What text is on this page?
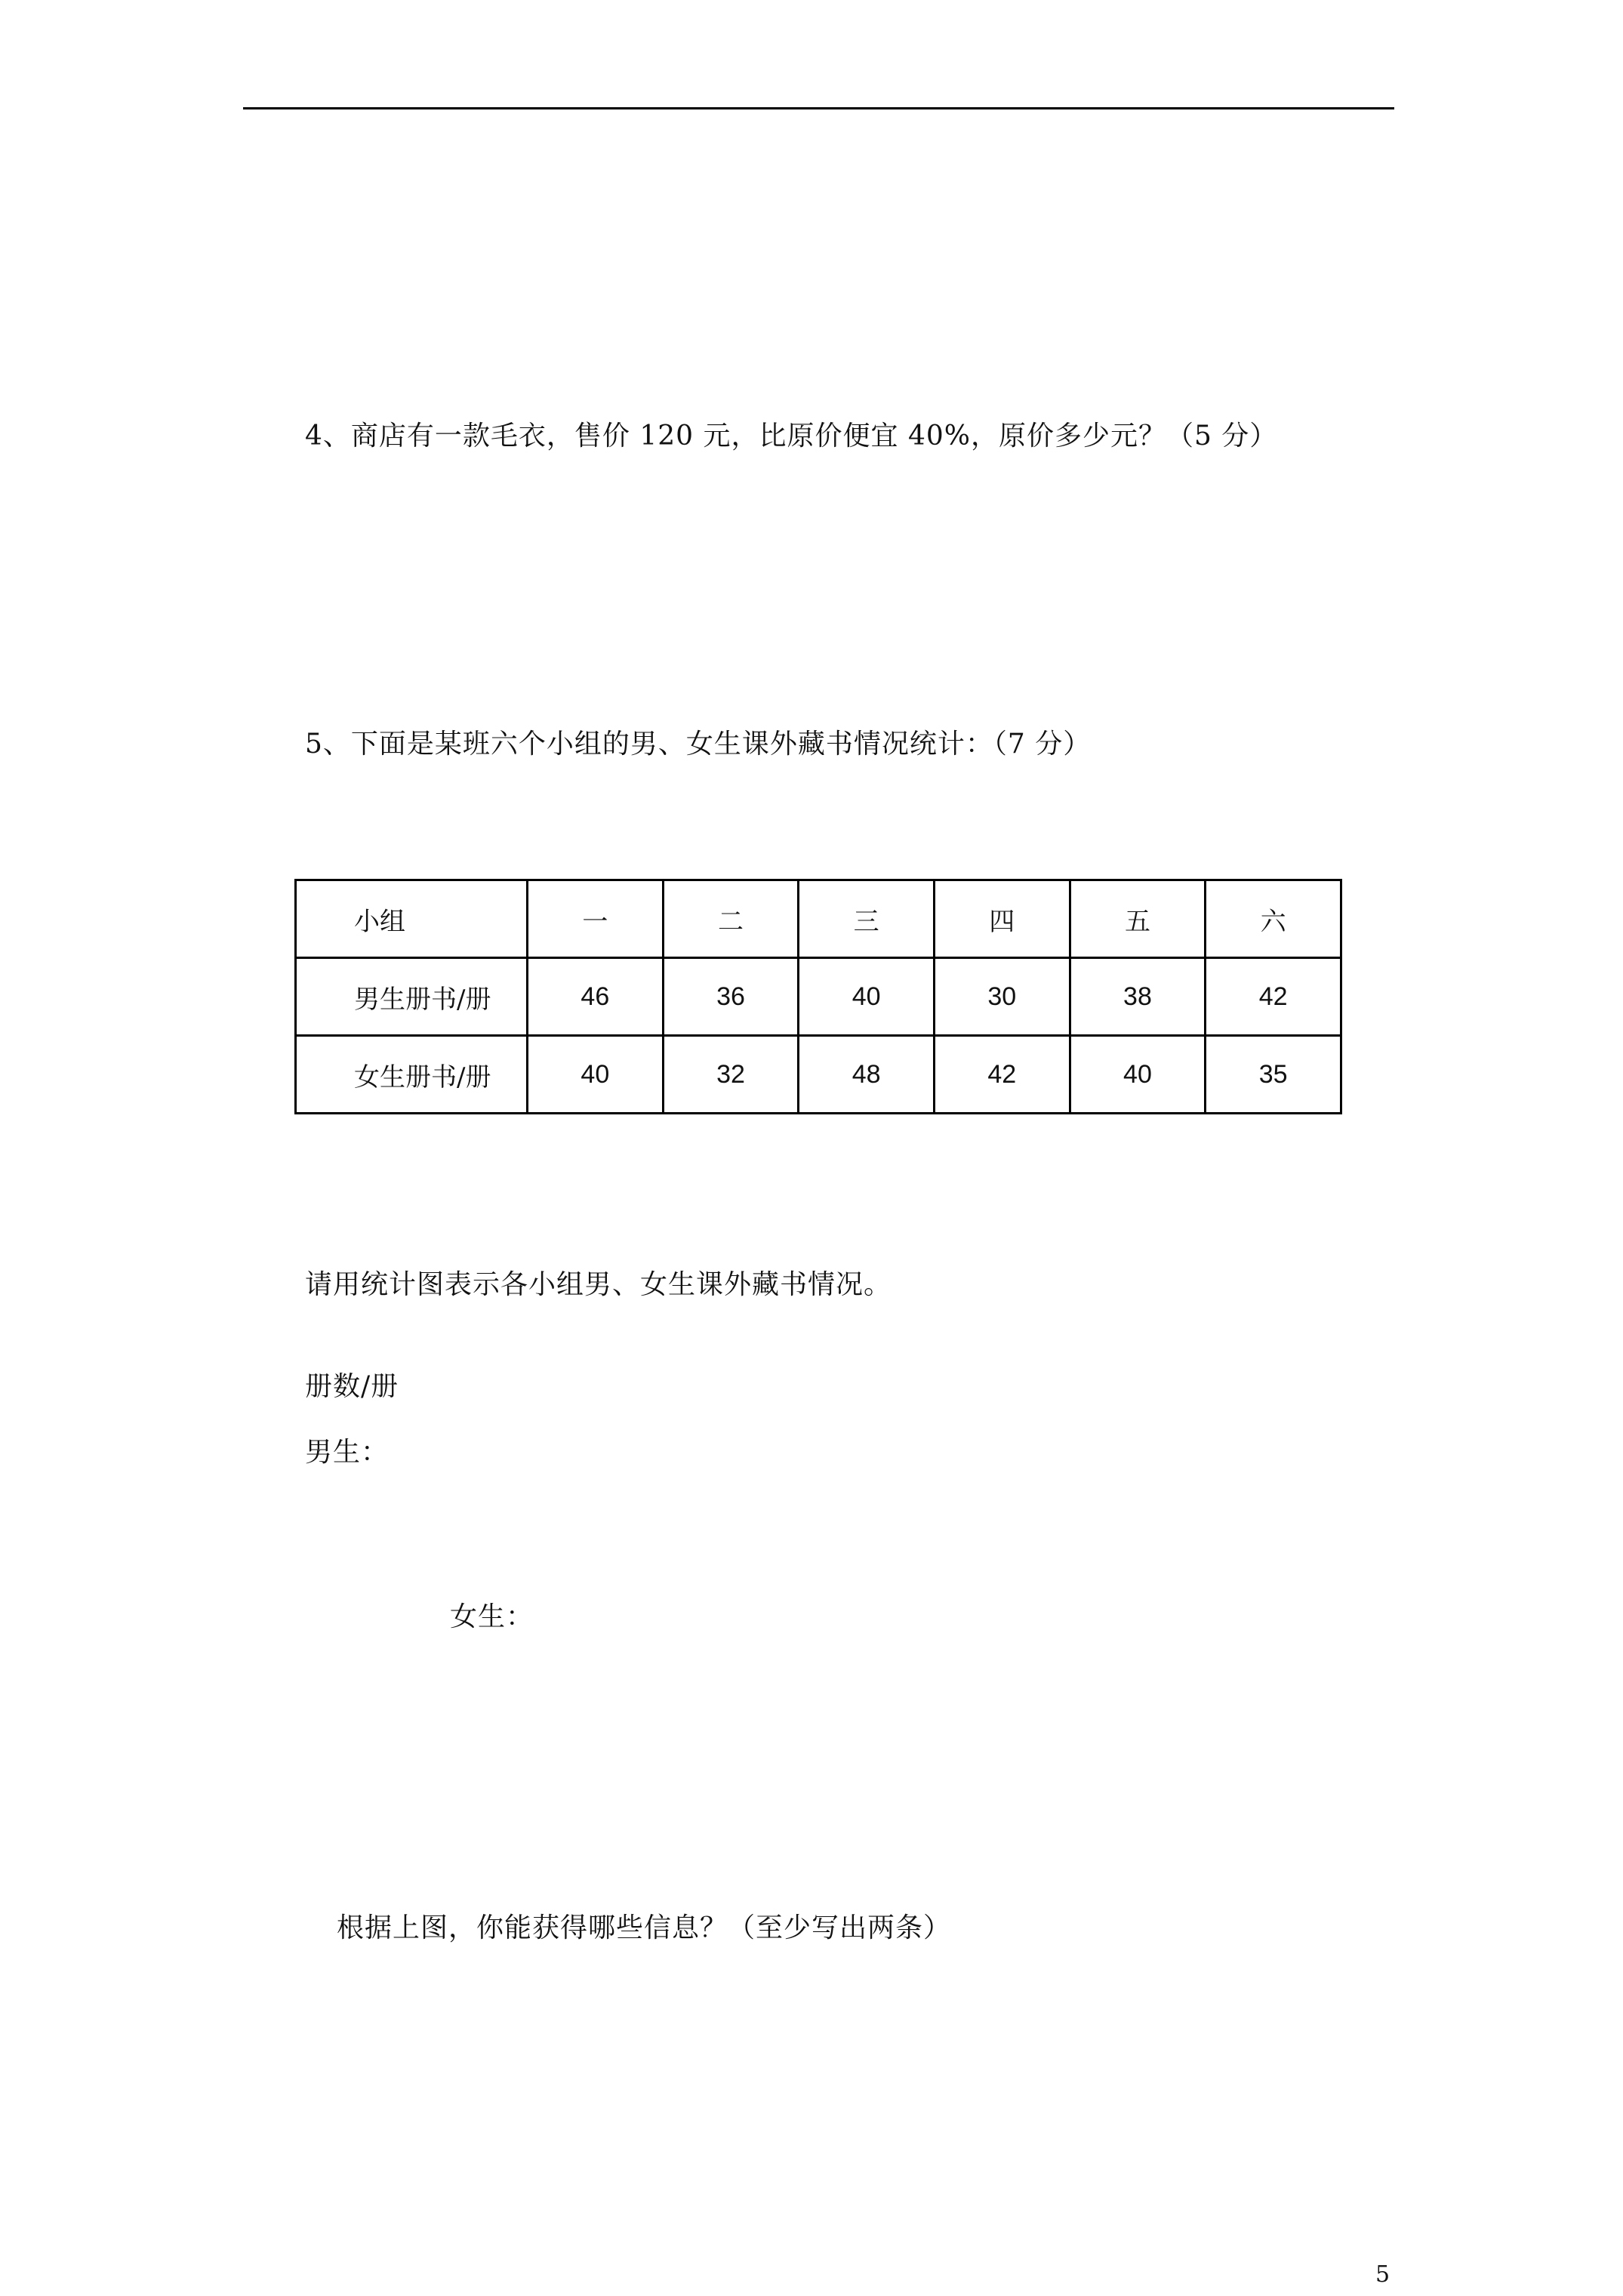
4、商店有一款毛衣，售价 120 元，比原价便宜 40%，原价多少元？（5 分）
5、下面是某班六个小组的男、女生课外藏书情况统计：（7 分）
小组	一	二	三	四	五	六
男生册书/册	46	36	40	30	38	42
女生册书/册	40	32	48	42	40	35
请用统计图表示各小组男、女生课外藏书情况。
册数/册
男生：
女生：
根据上图，你能获得哪些信息？（至少写出两条）
5
